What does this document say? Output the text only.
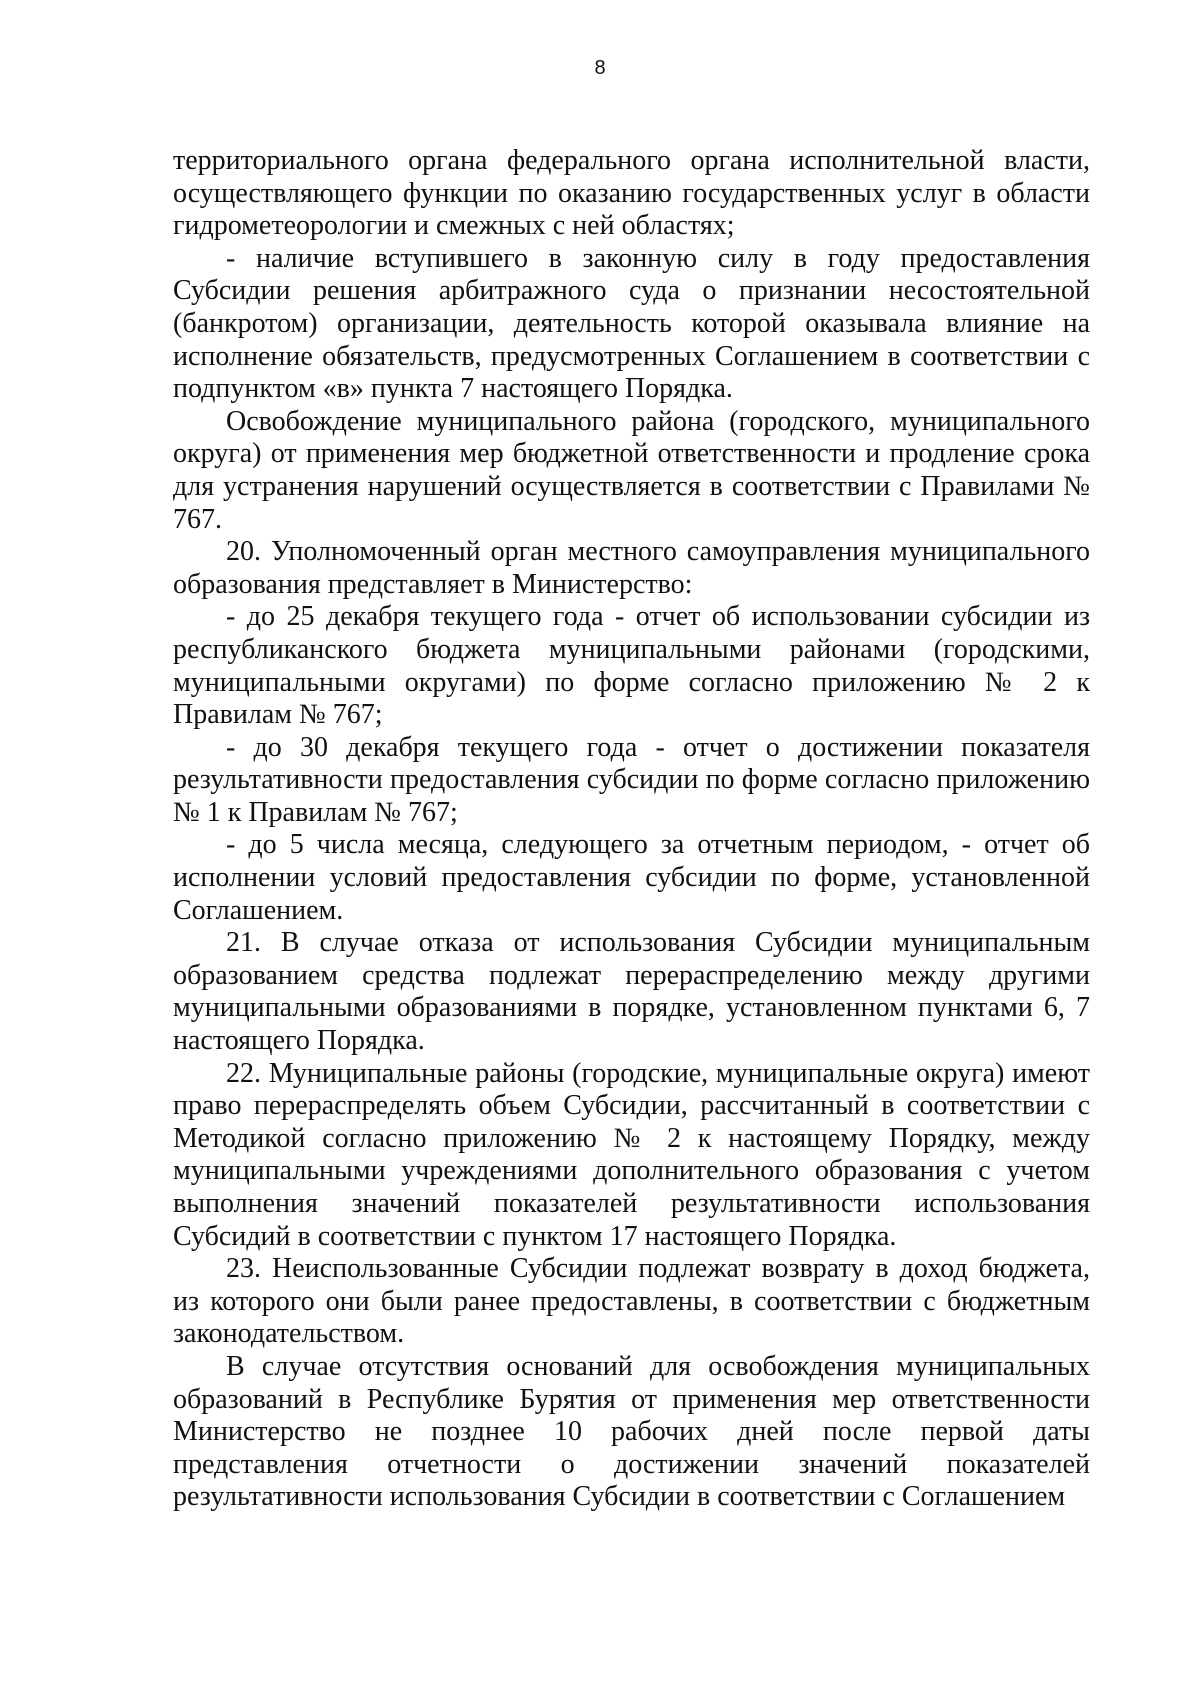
8

территориального органа федерального органа исполнительной власти, осуществляющего функции по оказанию государственных услуг в области гидрометеорологии и смежных с ней областях;

- наличие вступившего в законную силу в году предоставления Субсидии решения арбитражного суда о признании несостоятельной (банкротом) организации, деятельность которой оказывала влияние на исполнение обязательств, предусмотренных Соглашением в соответствии с подпунктом «в» пункта 7 настоящего Порядка.

Освобождение муниципального района (городского, муниципального округа) от применения мер бюджетной ответственности и продление срока для устранения нарушений осуществляется в соответствии с Правилами № 767.

20. Уполномоченный орган местного самоуправления муниципального образования представляет в Министерство:

- до 25 декабря текущего года - отчет об использовании субсидии из республиканского бюджета муниципальными районами (городскими, муниципальными округами) по форме согласно приложению № 2 к Правилам № 767;

- до 30 декабря текущего года - отчет о достижении показателя результативности предоставления субсидии по форме согласно приложению № 1 к Правилам № 767;

- до 5 числа месяца, следующего за отчетным периодом, - отчет об исполнении условий предоставления субсидии по форме, установленной Соглашением.

21. В случае отказа от использования Субсидии муниципальным образованием средства подлежат перераспределению между другими муниципальными образованиями в порядке, установленном пунктами 6, 7 настоящего Порядка.

22. Муниципальные районы (городские, муниципальные округа) имеют право перераспределять объем Субсидии, рассчитанный в соответствии с Методикой согласно приложению № 2 к настоящему Порядку, между муниципальными учреждениями дополнительного образования с учетом выполнения значений показателей результативности использования Субсидий в соответствии с пунктом 17 настоящего Порядка.

23. Неиспользованные Субсидии подлежат возврату в доход бюджета, из которого они были ранее предоставлены, в соответствии с бюджетным законодательством.

В случае отсутствия оснований для освобождения муниципальных образований в Республике Бурятия от применения мер ответственности Министерство не позднее 10 рабочих дней после первой даты представления отчетности о достижении значений показателей результативности использования Субсидии в соответствии с Соглашением
